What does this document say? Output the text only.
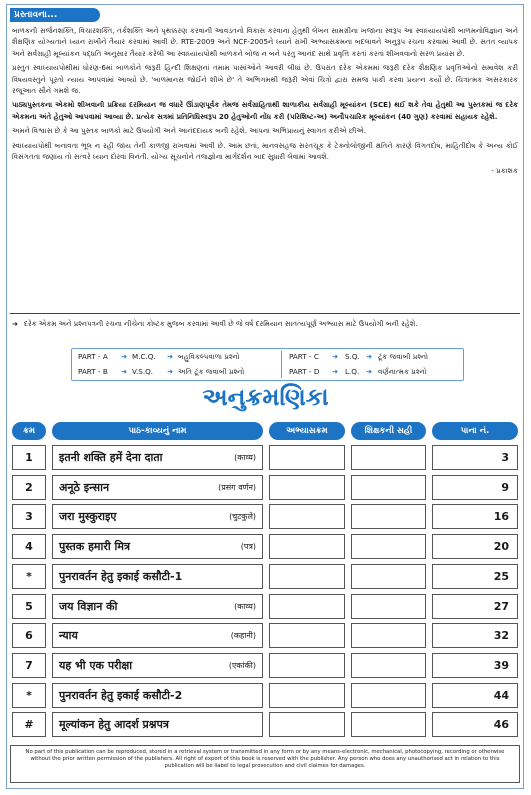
પ્રસ્તાવના...

બાળકની સર્જનશક્તિ, વિચારશક્તિ, તર્કશક્તિ અને પૃથક્કરણ કરવાની આવડતનો વિકાસ કરવાના હેતુથી લેખન સામગ્રીના ખજાના સ્વરૂપ આ સ્વાધ્યાયપોથી બાળમનોવિજ્ઞાન અને શૈક્ષણિક યોગ્યતાને ધ્યાન રાખીને તૈયાર કરવામાં આવી છે. RTE-2009 અને NCF-2005ને ધ્યાને રાખી અભ્યાસક્રમના બદલાવને અનુરૂપ રચના કરવામાં આવી છે. સતત વ્યાપક અને સર્વગ્રાહી મૂલ્યાંકન પદ્ધતિ અનુસાર તૈયાર કરેલી આ સ્વાધ્યાયપોથી બાળકને બોજ ન બને પરંતુ આનંદ સાથે પ્રવૃત્તિ કરતાં કરતાં શીખવવાનો સરળ પ્રયાસ છે.

પ્રસ્તુત સ્વાધ્યાયપોથીમાં ધોરણ-6માં બાળકોને જરૂરી હિન્દી શિક્ષણનાં તમામ પાસાંઓને આવરી લીધાં છે. ઉપરાંત દરેક એકમમાં જરૂરી દરેક શૈક્ષણિક પ્રવૃત્તિઓનો સમાવેશ કરી વિષયવસ્તુને પૂરતો ન્યાય આપવામાં આવ્યો છે. 'બાળમાનસ જોઈને શીખે છે' તે અભિગમથી જરૂરી એવાં ચિત્રો દ્વારા સમજ પાકી કરવા પ્રયત્ન કર્યો છે. ચિત્રાત્મક અસરકારક રજૂઆત સૌને ગમશે જ.

પાઠ્યપુસ્તકના એકમો શીખવાની પ્રક્રિયા દરમિયાન જ વધારે ઊંડાણપૂર્વક તેમજ સર્વગ્રાહિતાથી શાળાકીય સર્વગ્રાહી મૂલ્યાંકન (SCE) થઈ શકે તેવા હેતુથી આ પુસ્તકમાં જ દરેક એકમના અંતે હેતુઓ આપવામાં આવ્યા છે. પ્રત્યેક સત્રમાં પ્રતિનિધિસ્વરૂપ 20 હેતુઓની નોંધ કરી (પરિશિષ્ટ-અ) અનૌપચારિક મૂલ્યાંકન (40 ગુણ) કરવામાં સહાયક રહેશે.

અમને વિશ્વાસ છે કે આ પુસ્તક બાળકો માટે ઉપયોગી અને આનંદદાયક બની રહેશે. આપના અભિપ્રાયનું સ્વાગત કરીએ છીએ.

સ્વાધ્યાયપોથી બનાવતા ભૂલ ન રહી જાય તેની કાળજી રાખવામાં આવી છે. આમ છતાં, માનવસહજ સરતચૂક કે ટેક્નોલોજીની ક્ષતિને કારણે વિગતદોષ, માહિતીદોષ કે અન્ય કોઈ વિસંગતતા જણાય તો સત્વરે ધ્યાન દોરવા વિનંતી. યોગ્ય સૂચનોને તજજ્ઞોના માર્ગદર્શન બાદ સુધારી લેવામાં આવશે.

- પ્રકાશક

➜ દરેક એકમ અને પ્રશ્નપત્રની રચના નીચેના કોષ્ટક મુજબ કરવામાં આવી છે જે વર્ષ દરમિયાન સાતત્યપૂર્ણ અભ્યાસ માટે ઉપયોગી બની રહેશે.
PART - A ➜ M.C.Q. ➜ બહુવિકલ્પવાળા પ્રશ્નો	PART - C ➜ S.Q. ➜ ટૂંક જવાબી પ્રશ્નો
PART - B ➜ V.S.Q. ➜ અતિ ટૂંક જવાબી પ્રશ્નો	PART - D ➜ L.Q. ➜ વર્ણનાત્મક પ્રશ્નો
અનુક્રમણિકા
ક્રમ	પાઠ-કાવ્યનું નામ	અભ્યાસક્રમ	શિક્ષકની સહી	પાના નં.
1	इतनी शक्ति हमें देना दाता	(काव्य)	3
2	अनूठे इन्सान	(प्रसंग वर्णन)	9
3	जरा मुस्कुराइए	(चुटकुले)	16
4	पुस्तक हमारी मित्र	(पत्र)	20
*	पुनरावर्तन हेतु इकाई कसौटी-1	25
5	जय विज्ञान की	(काव्य)	27
6	न्याय	(कहानी)	32
7	यह भी एक परीक्षा	(एकांकी)	39
*	पुनरावर्तन हेतु इकाई कसौटी-2	44
#	मूल्यांकन हेतु आदर्श प्रश्नपत्र	46
No part of this publication can be reproduced, stored in a retrieval system or transmitted in any form or by any means-electronic, mechanical, photocopying, recording or otherwise without the prior written permission of the publishers. All right of export of this book is reserved with the publisher. Any person who does any unauthorised act in relation to this publication will be liabel to legal prosecution and civil claimes for damages.
